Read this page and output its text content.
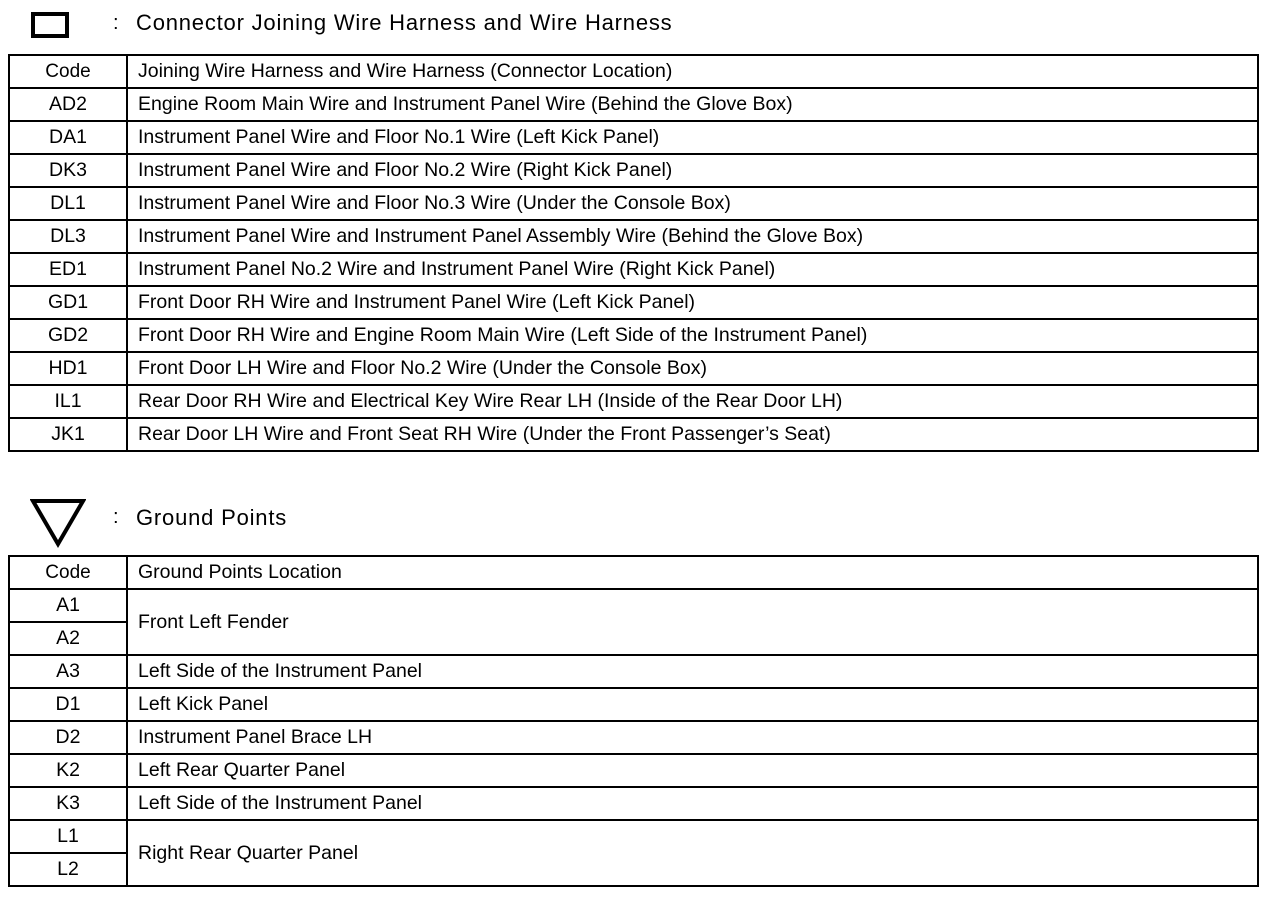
: Connector Joining Wire Harness and Wire Harness
Code	Joining Wire Harness and Wire Harness (Connector Location)
AD2	Engine Room Main Wire and Instrument Panel Wire (Behind the Glove Box)
DA1	Instrument Panel Wire and Floor No.1 Wire (Left Kick Panel)
DK3	Instrument Panel Wire and Floor No.2 Wire (Right Kick Panel)
DL1	Instrument Panel Wire and Floor No.3 Wire (Under the Console Box)
DL3	Instrument Panel Wire and Instrument Panel Assembly Wire (Behind the Glove Box)
ED1	Instrument Panel No.2 Wire and Instrument Panel Wire (Right Kick Panel)
GD1	Front Door RH Wire and Instrument Panel Wire (Left Kick Panel)
GD2	Front Door RH Wire and Engine Room Main Wire (Left Side of the Instrument Panel)
HD1	Front Door LH Wire and Floor No.2 Wire (Under the Console Box)
IL1	Rear Door RH Wire and Electrical Key Wire Rear LH (Inside of the Rear Door LH)
JK1	Rear Door LH Wire and Front Seat RH Wire (Under the Front Passenger’s Seat)
: Ground Points
Code	Ground Points Location
A1	Front Left Fender
A2	
A3	Left Side of the Instrument Panel
D1	Left Kick Panel
D2	Instrument Panel Brace LH
K2	Left Rear Quarter Panel
K3	Left Side of the Instrument Panel
L1	Right Rear Quarter Panel
L2	
